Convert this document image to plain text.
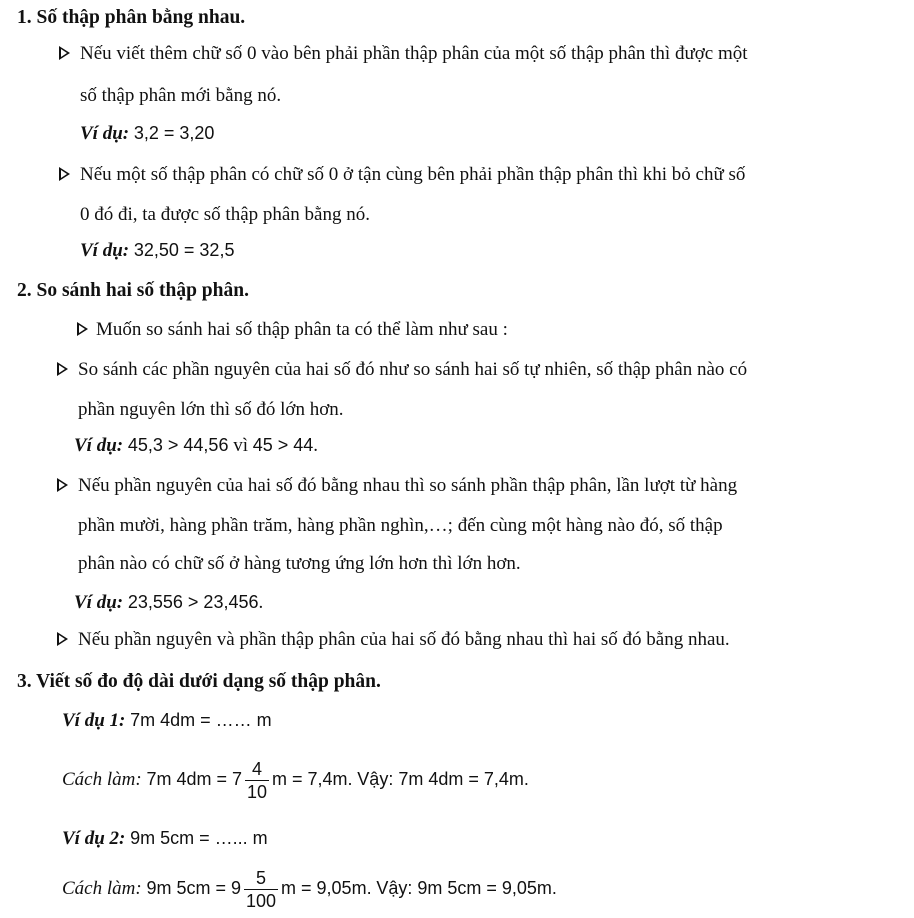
1. Số thập phân bằng nhau.
Nếu viết thêm chữ số 0 vào bên phải phần thập phân của một số thập phân thì được một
số thập phân mới bằng nó.
Ví dụ: 3,2 = 3,20
Nếu một số thập phân có chữ số 0 ở tận cùng bên phải phần thập phân thì khi bỏ chữ số
0 đó đi, ta được số thập phân bằng nó.
Ví dụ: 32,50 = 32,5
2. So sánh hai số thập phân.
Muốn so sánh hai số thập phân ta có thể làm như sau :
So sánh các phần nguyên của hai số đó như so sánh hai số tự nhiên, số thập phân nào có
phần nguyên lớn thì số đó lớn hơn.
Ví dụ: 45,3 > 44,56 vì 45 > 44.
Nếu phần nguyên của hai số đó bằng nhau thì so sánh phần thập phân, lần lượt từ hàng
phần mười, hàng phần trăm, hàng phần nghìn,…; đến cùng một hàng nào đó, số thập
phân nào có chữ số ở hàng tương ứng lớn hơn thì lớn hơn.
Ví dụ: 23,556 > 23,456.
Nếu phần nguyên và phần thập phân của hai số đó bằng nhau thì hai số đó bằng nhau.
3. Viết số đo độ dài dưới dạng số thập phân.
Ví dụ 1: 7m 4dm = …… m
Cách làm: 7m $4dm = 7 \frac{4}{10}$ m = 7,4m. Vậy: 7m 4dm = 7,4m.
Ví dụ 2: 9m 5cm = …... m
Cách làm: 9m $5cm = 9 \frac{5}{100}$ m = 9,05m. Vậy: 9m 5cm = 9,05m.
